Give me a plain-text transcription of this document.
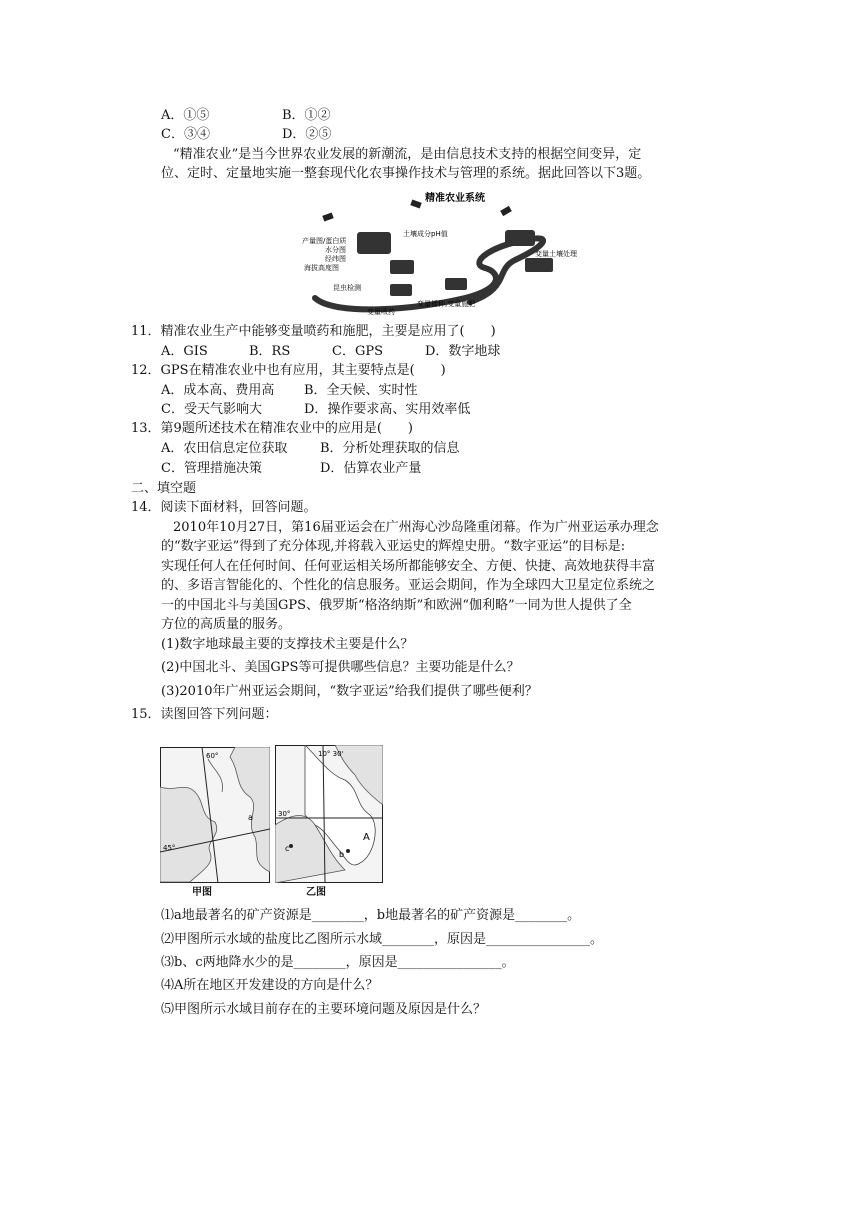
A．①⑤	B．①②
C．③④	D．②⑤
“精准农业”是当今世界农业发展的新潮流，是由信息技术支持的根据空间变异，定
位、定时、定量地实施一整套现代化农事操作技术与管理的系统。据此回答以下3题。
精准农业系统
产量图/蛋白质
水分图
经纬图
海拔高度图
土壤成分pH值
变量土壤处理
昆虫检测
变量喷药
变量播种,变量施肥
11．精准农业生产中能够变量喷药和施肥，主要是应用了(　　)
A．GIS	B．RS	C．GPS	D．数字地球
12．GPS在精准农业中也有应用，其主要特点是(　　)
A．成本高、费用高 B．全天候、实时性
C．受天气影响大	D．操作要求高、实用效率低
13．第9题所述技术在精准农业中的应用是(　　)
A．农田信息定位获取	B．分析处理获取的信息
C．管理措施决策	D．估算农业产量
二、填空题
14．阅读下面材料，回答问题。
2010年10月27日，第16届亚运会在广州海心沙岛隆重闭幕。作为广州亚运承办理念
的“数字亚运”得到了充分体现,并将载入亚运史的辉煌史册。“数字亚运”的目标是:
实现任何人在任何时间、任何亚运相关场所都能够安全、方便、快捷、高效地获得丰富
的、多语言智能化的、个性化的信息服务。亚运会期间，作为全球四大卫星定位系统之
一的中国北斗与美国GPS、俄罗斯“格洛纳斯”和欧洲“伽利略”一同为世人提供了全
方位的高质量的服务。
(1)数字地球最主要的支撑技术主要是什么？
(2)中国北斗、美国GPS等可提供哪些信息？主要功能是什么？
(3)2010年广州亚运会期间，“数字亚运”给我们提供了哪些便利？
15．读图回答下列问题：
60°
45°
a
甲图
10° 30'
30°
c
b
A
乙图
⑴a地最著名的矿产资源是________，b地最著名的矿产资源是________。
⑵甲图所示水域的盐度比乙图所示水域________，原因是________________。
⑶b、c两地降水少的是________，原因是________________。
⑷A所在地区开发建设的方向是什么？
⑸甲图所示水域目前存在的主要环境问题及原因是什么？
